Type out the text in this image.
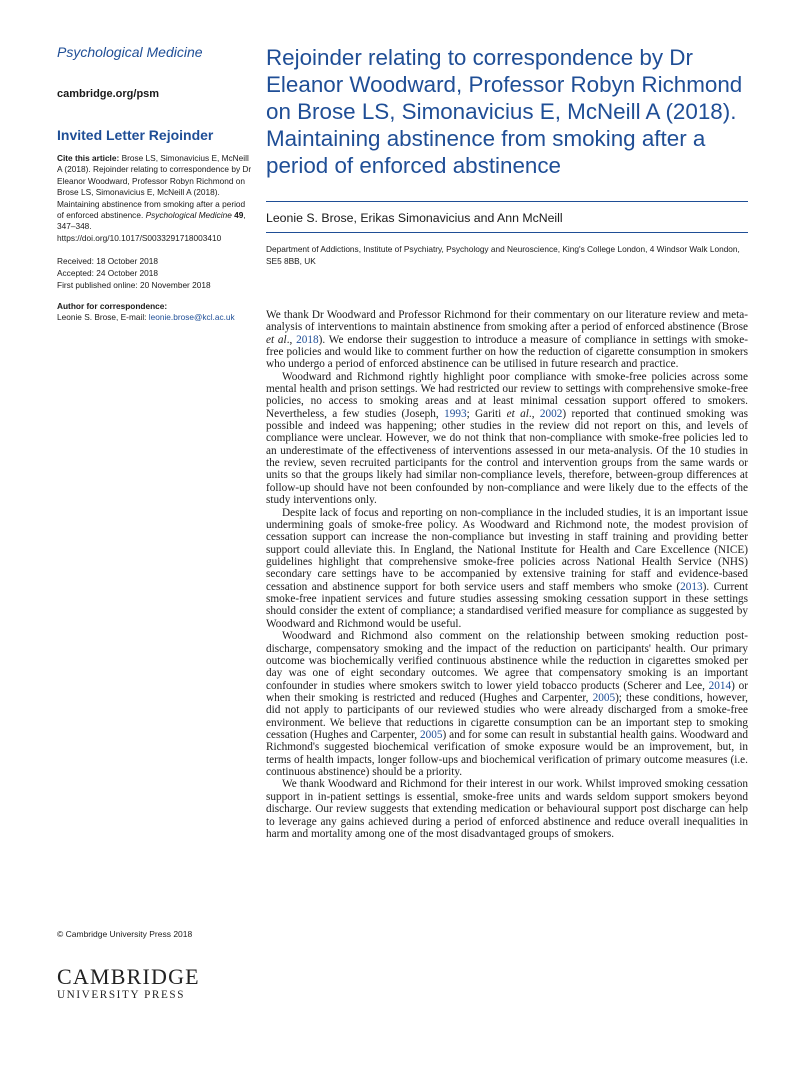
Psychological Medicine
cambridge.org/psm
Invited Letter Rejoinder
Cite this article: Brose LS, Simonavicius E, McNeill A (2018). Rejoinder relating to correspondence by Dr Eleanor Woodward, Professor Robyn Richmond on Brose LS, Simonavicius E, McNeill A (2018). Maintaining abstinence from smoking after a period of enforced abstinence. Psychological Medicine 49, 347–348. https://doi.org/10.1017/S0033291718003410
Received: 18 October 2018
Accepted: 24 October 2018
First published online: 20 November 2018
Author for correspondence:
Leonie S. Brose, E-mail: leonie.brose@kcl.ac.uk
© Cambridge University Press 2018
CAMBRIDGE
UNIVERSITY PRESS
Rejoinder relating to correspondence by Dr Eleanor Woodward, Professor Robyn Richmond on Brose LS, Simonavicius E, McNeill A (2018). Maintaining abstinence from smoking after a period of enforced abstinence
Leonie S. Brose, Erikas Simonavicius and Ann McNeill
Department of Addictions, Institute of Psychiatry, Psychology and Neuroscience, King's College London, 4 Windsor Walk London, SE5 8BB, UK

We thank Dr Woodward and Professor Richmond for their commentary on our literature review and meta-analysis of interventions to maintain abstinence from smoking after a period of enforced abstinence (Brose et al., 2018). We endorse their suggestion to introduce a measure of compliance in settings with smoke-free policies and would like to comment further on how the reduction of cigarette consumption in smokers who undergo a period of enforced abstinence can be utilised in future research and practice.

Woodward and Richmond rightly highlight poor compliance with smoke-free policies across some mental health and prison settings. We had restricted our review to settings with comprehensive smoke-free policies, no access to smoking areas and at least minimal cessation support offered to smokers. Nevertheless, a few studies (Joseph, 1993; Gariti et al., 2002) reported that continued smoking was possible and indeed was happening; other studies in the review did not report on this, and levels of compliance were unclear. However, we do not think that non-compliance with smoke-free policies led to an underestimate of the effectiveness of interventions assessed in our meta-analysis. Of the 10 studies in the review, seven recruited participants for the control and intervention groups from the same wards or units so that the groups likely had similar non-compliance levels, therefore, between-group differences at follow-up should have not been confounded by non-compliance and were likely due to the effects of the study interventions only.

Despite lack of focus and reporting on non-compliance in the included studies, it is an important issue undermining goals of smoke-free policy. As Woodward and Richmond note, the modest provision of cessation support can increase the non-compliance but investing in staff training and providing better support could alleviate this. In England, the National Institute for Health and Care Excellence (NICE) guidelines highlight that comprehensive smoke-free policies across National Health Service (NHS) secondary care settings have to be accompanied by extensive training for staff and evidence-based cessation and abstinence support for both service users and staff members who smoke (2013). Current smoke-free inpatient services and future studies assessing smoking cessation support in these settings should consider the extent of compliance; a standardised verified measure for compliance as suggested by Woodward and Richmond would be useful.

Woodward and Richmond also comment on the relationship between smoking reduction post-discharge, compensatory smoking and the impact of the reduction on participants' health. Our primary outcome was biochemically verified continuous abstinence while the reduction in cigarettes smoked per day was one of eight secondary outcomes. We agree that compensatory smoking is an important confounder in studies where smokers switch to lower yield tobacco products (Scherer and Lee, 2014) or when their smoking is restricted and reduced (Hughes and Carpenter, 2005); these conditions, however, did not apply to participants of our reviewed studies who were already discharged from a smoke-free environment. We believe that reductions in cigarette consumption can be an important step to smoking cessation (Hughes and Carpenter, 2005) and for some can result in substantial health gains. Woodward and Richmond's suggested biochemical verification of smoke exposure would be an improvement, but, in terms of health impacts, longer follow-ups and biochemical verification of primary outcome measures (i.e. continuous abstinence) should be a priority.

We thank Woodward and Richmond for their interest in our work. Whilst improved smoking cessation support in in-patient settings is essential, smoke-free units and wards seldom support smokers beyond discharge. Our review suggests that extending medication or behavioural support post discharge can help to leverage any gains achieved during a period of enforced abstinence and reduce overall inequalities in harm and mortality among one of the most disadvantaged groups of smokers.
